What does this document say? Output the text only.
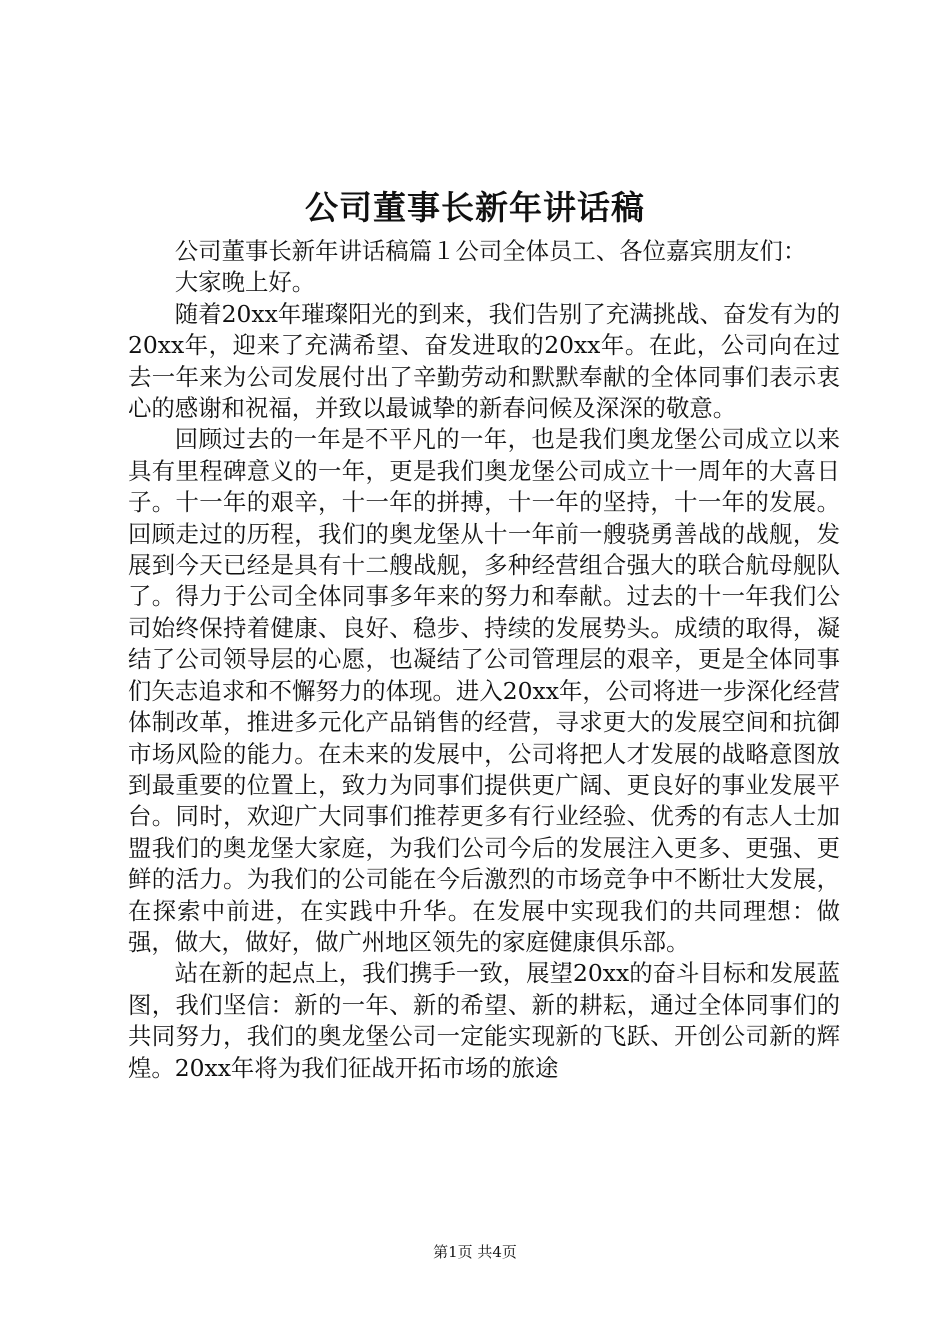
公司董事长新年讲话稿

公司董事长新年讲话稿篇１公司全体员工、各位嘉宾朋友们：

大家晚上好。

随着20xx年璀璨阳光的到来，我们告别了充满挑战、奋发有为的20xx年，迎来了充满希望、奋发进取的20xx年。在此，公司向在过去一年来为公司发展付出了辛勤劳动和默默奉献的全体同事们表示衷心的感谢和祝福，并致以最诚挚的新春问候及深深的敬意。

回顾过去的一年是不平凡的一年，也是我们奥龙堡公司成立以来具有里程碑意义的一年，更是我们奥龙堡公司成立十一周年的大喜日子。十一年的艰辛，十一年的拼搏，十一年的坚持，十一年的发展。回顾走过的历程，我们的奥龙堡从十一年前一艘骁勇善战的战舰，发展到今天已经是具有十二艘战舰，多种经营组合强大的联合航母舰队了。得力于公司全体同事多年来的努力和奉献。过去的十一年我们公司始终保持着健康、良好、稳步、持续的发展势头。成绩的取得，凝结了公司领导层的心愿，也凝结了公司管理层的艰辛，更是全体同事们矢志追求和不懈努力的体现。进入20xx年，公司将进一步深化经营体制改革，推进多元化产品销售的经营，寻求更大的发展空间和抗御市场风险的能力。在未来的发展中，公司将把人才发展的战略意图放到最重要的位置上，致力为同事们提供更广阔、更良好的事业发展平台。同时，欢迎广大同事们推荐更多有行业经验、优秀的有志人士加盟我们的奥龙堡大家庭，为我们公司今后的发展注入更多、更强、更鲜的活力。为我们的公司能在今后激烈的市场竞争中不断壮大发展，在探索中前进，在实践中升华。在发展中实现我们的共同理想：做强，做大，做好，做广州地区领先的家庭健康俱乐部。

站在新的起点上，我们携手一致，展望20xx的奋斗目标和发展蓝图，我们坚信：新的一年、新的希望、新的耕耘，通过全体同事们的共同努力，我们的奥龙堡公司一定能实现新的飞跃、开创公司新的辉煌。20xx年将为我们征战开拓市场的旅途

第1页 共4页
